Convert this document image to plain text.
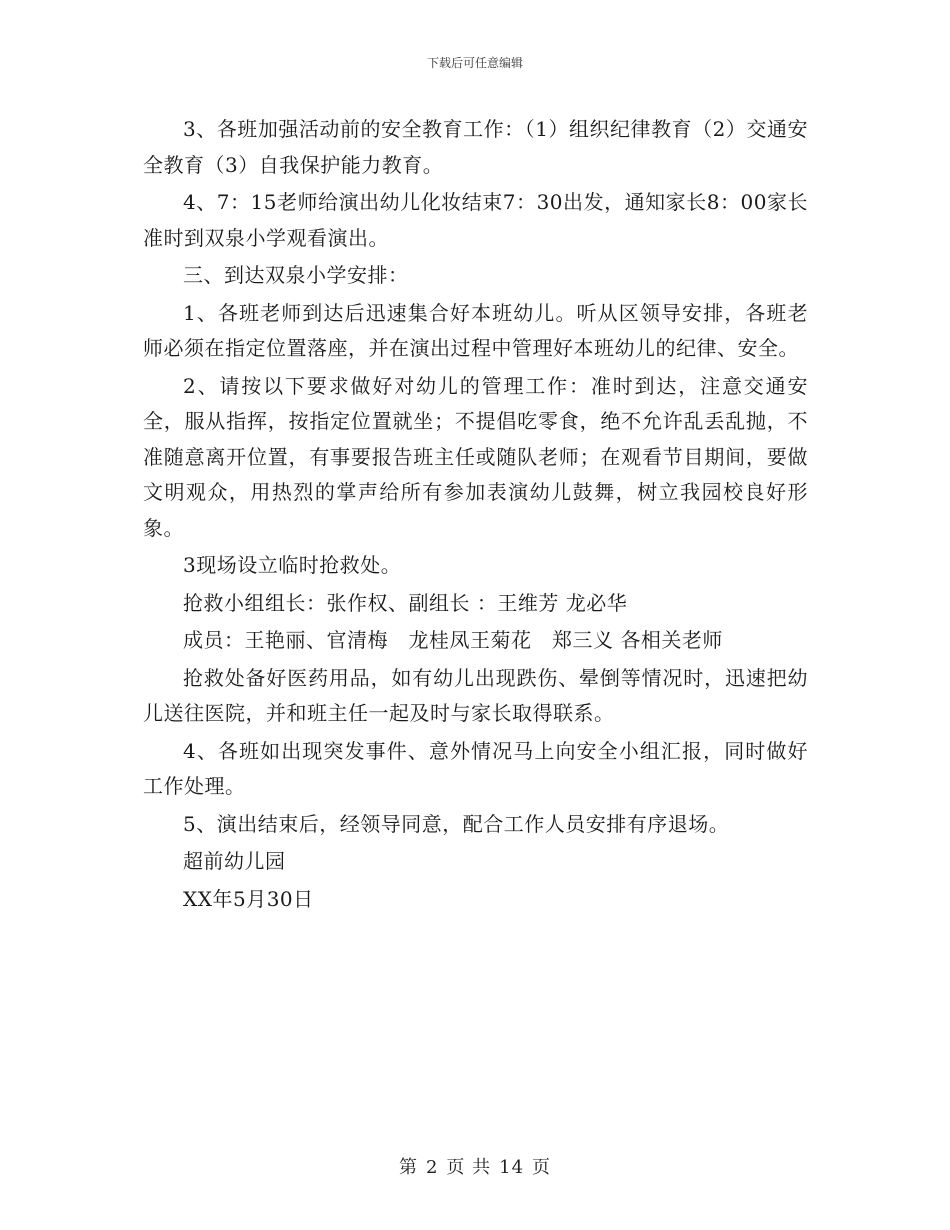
下载后可任意编辑

3、各班加强活动前的安全教育工作：（1）组织纪律教育（2）交通安全教育（3）自我保护能力教育。

4、7：15老师给演出幼儿化妆结束7：30出发，通知家长8：00家长准时到双泉小学观看演出。

三、到达双泉小学安排：

1、各班老师到达后迅速集合好本班幼儿。听从区领导安排，各班老师必须在指定位置落座，并在演出过程中管理好本班幼儿的纪律、安全。

2、请按以下要求做好对幼儿的管理工作：准时到达，注意交通安全，服从指挥，按指定位置就坐；不提倡吃零食，绝不允许乱丢乱抛，不准随意离开位置，有事要报告班主任或随队老师；在观看节目期间，要做文明观众，用热烈的掌声给所有参加表演幼儿鼓舞，树立我园校良好形象。

3现场设立临时抢救处。

抢救小组组长：张作权、副组长 ：王维芳 龙必华

成员：王艳丽、官清梅　龙桂凤王菊花　郑三义 各相关老师

抢救处备好医药用品，如有幼儿出现跌伤、晕倒等情况时，迅速把幼儿送往医院，并和班主任一起及时与家长取得联系。

4、各班如出现突发事件、意外情况马上向安全小组汇报，同时做好工作处理。

5、演出结束后，经领导同意，配合工作人员安排有序退场。

超前幼儿园

XX年5月30日

第 2 页 共 14 页
